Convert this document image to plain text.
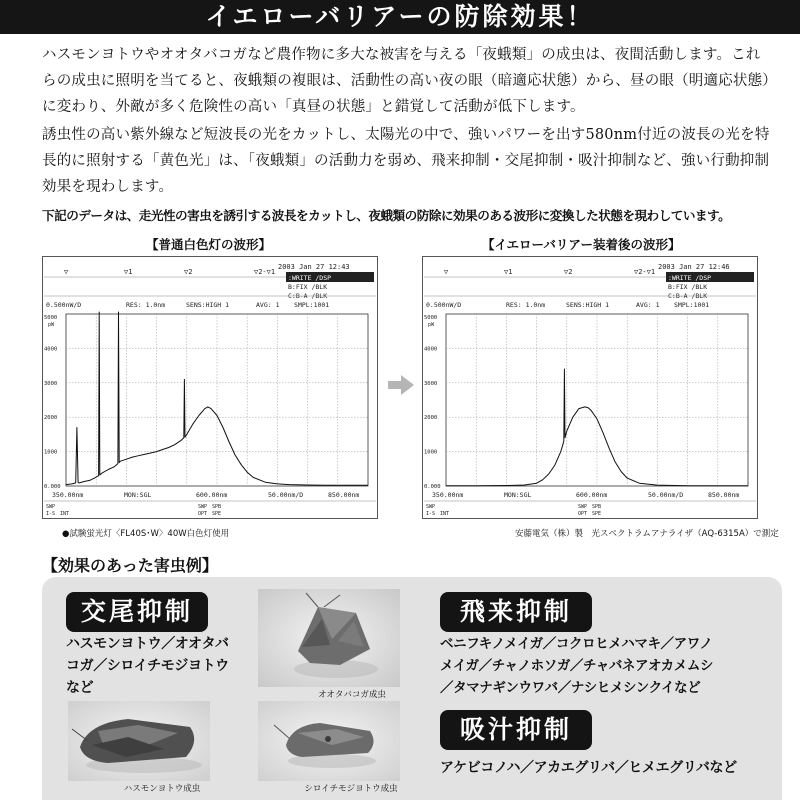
イエローバリアーの防除効果！

ハスモンヨトウやオオタバコガなど農作物に多大な被害を与える「夜蛾類」の成虫は、夜間活動します。これらの成虫に照明を当てると、夜蛾類の複眼は、活動性の高い夜の眼（暗適応状態）から、昼の眼（明適応状態）に変わり、外敵が多く危険性の高い「真昼の状態」と錯覚して活動が低下します。

誘虫性の高い紫外線など短波長の光をカットし、太陽光の中で、強いパワーを出す580nm付近の波長の光を特長的に照射する「黄色光」は、「夜蛾類」の活動力を弱め、飛来抑制・交尾抑制・吸汁抑制など、強い行動抑制効果を現わします。

下記のデータは、走光性の害虫を誘引する波長をカットし、夜蛾類の防除に効果のある波形に変換した状態を現わしています。
【普通白色灯の波形】	【イエローバリアー装着後の波形】
▽	▽1	▽2	▽2-▽1
2003 Jan 27 12:43
:WRITE /DSP
B:FIX /BLK
C:B-A /BLK
0.500nW/D	RES: 1.0nm	SENS:HIGH 1	AVG: 1 SMPL:1001
5000
4000
3000
2000
1000
0.000
pW
350.00nm	MON:SGL	600.00nm	50.00nm/D	850.00nm
SWP
I-S INT
SWP SPB
OPT SPE
▽	▽1	▽2	▽2-▽1
2003 Jan 27 12:46
:WRITE /DSP
B:FIX /BLK
C:B-A /BLK
0.500nW/D	RES: 1.0nm	SENS:HIGH 1	AVG: 1 SMPL:1001
5000
4000
3000
2000
1000
0.000
pW
350.00nm	MON:SGL	600.00nm	50.00nm/D	850.00nm
SWP
I-S INT
SWP SPB
OPT SPE
●試験蛍光灯〈FL40S･W〉40W白色灯使用	安藤電気（株）製　光スペクトラムアナライザ（AQ-6315A）で測定
【効果のあった害虫例】
交尾抑制
ハスモンヨトウ／オオタバ
コガ／シロイチモジヨトウ
など
飛来抑制
ベニフキノメイガ／コクロヒメハマキ／アワノ
メイガ／チャノホソガ／チャバネアオカメムシ
／タマナギンウワバ／ナシヒメシンクイなど
吸汁抑制
アケビコノハ／アカエグリバ／ヒメエグリバなど
オオタバコガ成虫
ハスモンヨトウ成虫	シロイチモジヨトウ成虫
